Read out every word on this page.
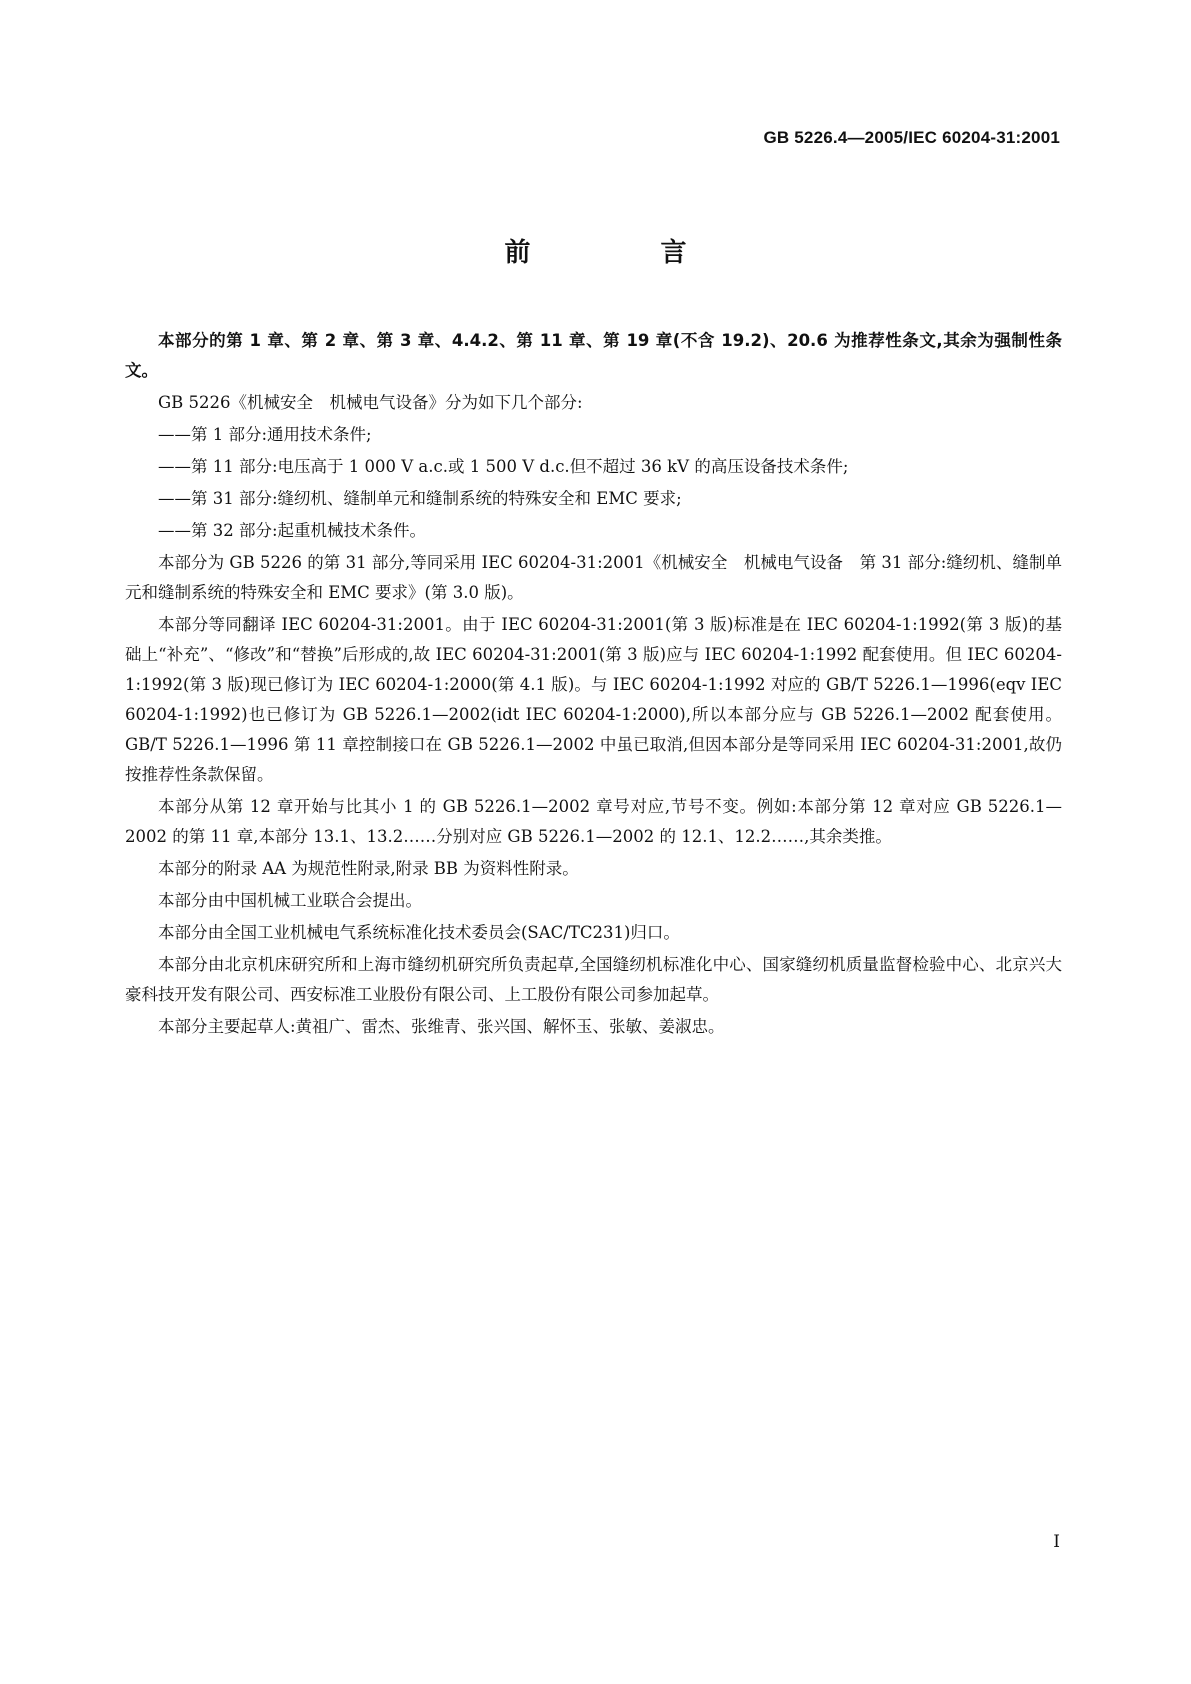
GB 5226.4—2005/IEC 60204-31:2001
前　言

本部分的第 1 章、第 2 章、第 3 章、4.4.2、第 11 章、第 19 章(不含 19.2)、20.6 为推荐性条文,其余为强制性条文。

GB 5226《机械安全　机械电气设备》分为如下几个部分:

——第 1 部分:通用技术条件;

——第 11 部分:电压高于 1 000 V a.c.或 1 500 V d.c.但不超过 36 kV 的高压设备技术条件;

——第 31 部分:缝纫机、缝制单元和缝制系统的特殊安全和 EMC 要求;

——第 32 部分:起重机械技术条件。

本部分为 GB 5226 的第 31 部分,等同采用 IEC 60204-31:2001《机械安全　机械电气设备　第 31 部分:缝纫机、缝制单元和缝制系统的特殊安全和 EMC 要求》(第 3.0 版)。

本部分等同翻译 IEC 60204-31:2001。由于 IEC 60204-31:2001(第 3 版)标准是在 IEC 60204-1:1992(第 3 版)的基础上“补充”、“修改”和“替换”后形成的,故 IEC 60204-31:2001(第 3 版)应与 IEC 60204-1:1992 配套使用。但 IEC 60204-1:1992(第 3 版)现已修订为 IEC 60204-1:2000(第 4.1 版)。与 IEC 60204-1:1992 对应的 GB/T 5226.1—1996(eqv IEC 60204-1:1992)也已修订为 GB 5226.1—2002(idt IEC 60204-1:2000),所以本部分应与 GB 5226.1—2002 配套使用。GB/T 5226.1—1996 第 11 章控制接口在 GB 5226.1—2002 中虽已取消,但因本部分是等同采用 IEC 60204-31:2001,故仍按推荐性条款保留。

本部分从第 12 章开始与比其小 1 的 GB 5226.1—2002 章号对应,节号不变。例如:本部分第 12 章对应 GB 5226.1—2002 的第 11 章,本部分 13.1、13.2……分别对应 GB 5226.1—2002 的 12.1、12.2……,其余类推。

本部分的附录 AA 为规范性附录,附录 BB 为资料性附录。

本部分由中国机械工业联合会提出。

本部分由全国工业机械电气系统标准化技术委员会(SAC/TC231)归口。

本部分由北京机床研究所和上海市缝纫机研究所负责起草,全国缝纫机标准化中心、国家缝纫机质量监督检验中心、北京兴大豪科技开发有限公司、西安标准工业股份有限公司、上工股份有限公司参加起草。

本部分主要起草人:黄祖广、雷杰、张维青、张兴国、解怀玉、张敏、姜淑忠。

I
